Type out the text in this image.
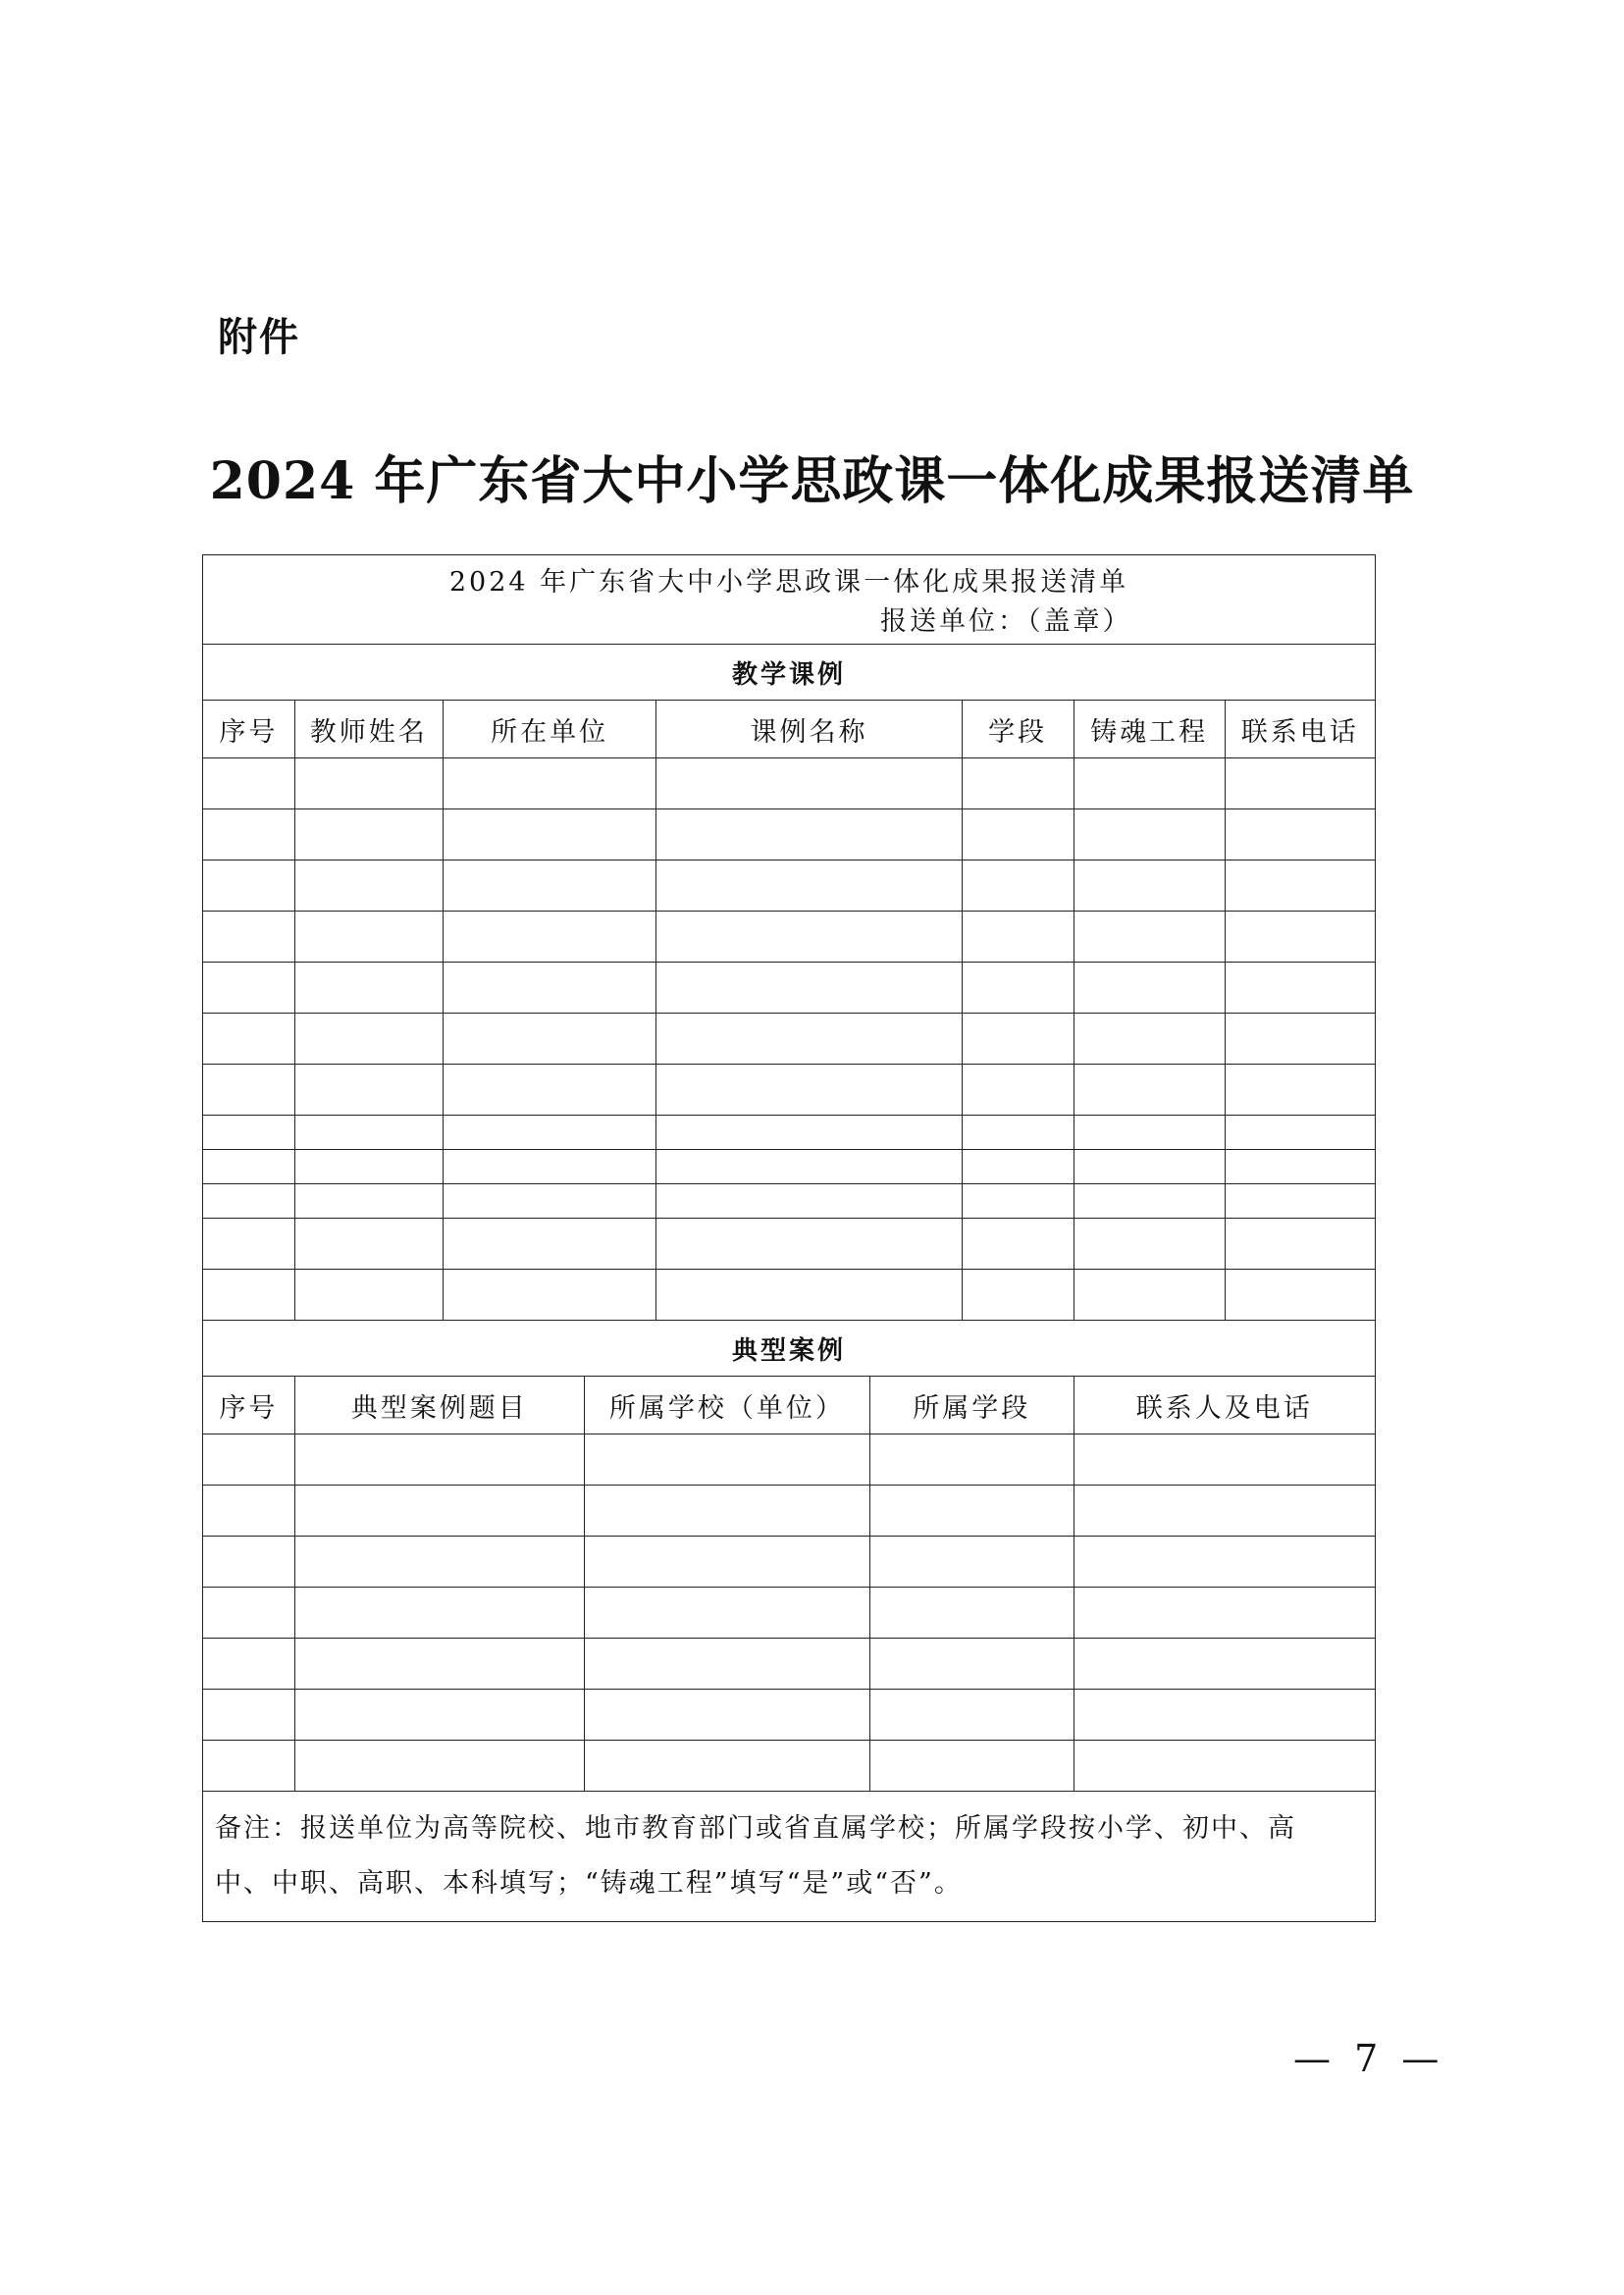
附件
2024 年广东省大中小学思政课一体化成果报送清单
2024 年广东省大中小学思政课一体化成果报送清单
报送单位：（盖章）								

教学课例								
序号	教师姓名	所在单位		课例名称		学段	铸魂工程	联系电话

典型案例								
序号	典型案例题目		所属学校（单位）		所属学段		联系人及电话	

备注：报送单位为高等院校、地市教育部门或省直属学校；所属学段按小学、初中、高
中、中职、高职、本科填写；“铸魂工程”填写“是”或“否”。								
— 7 —
